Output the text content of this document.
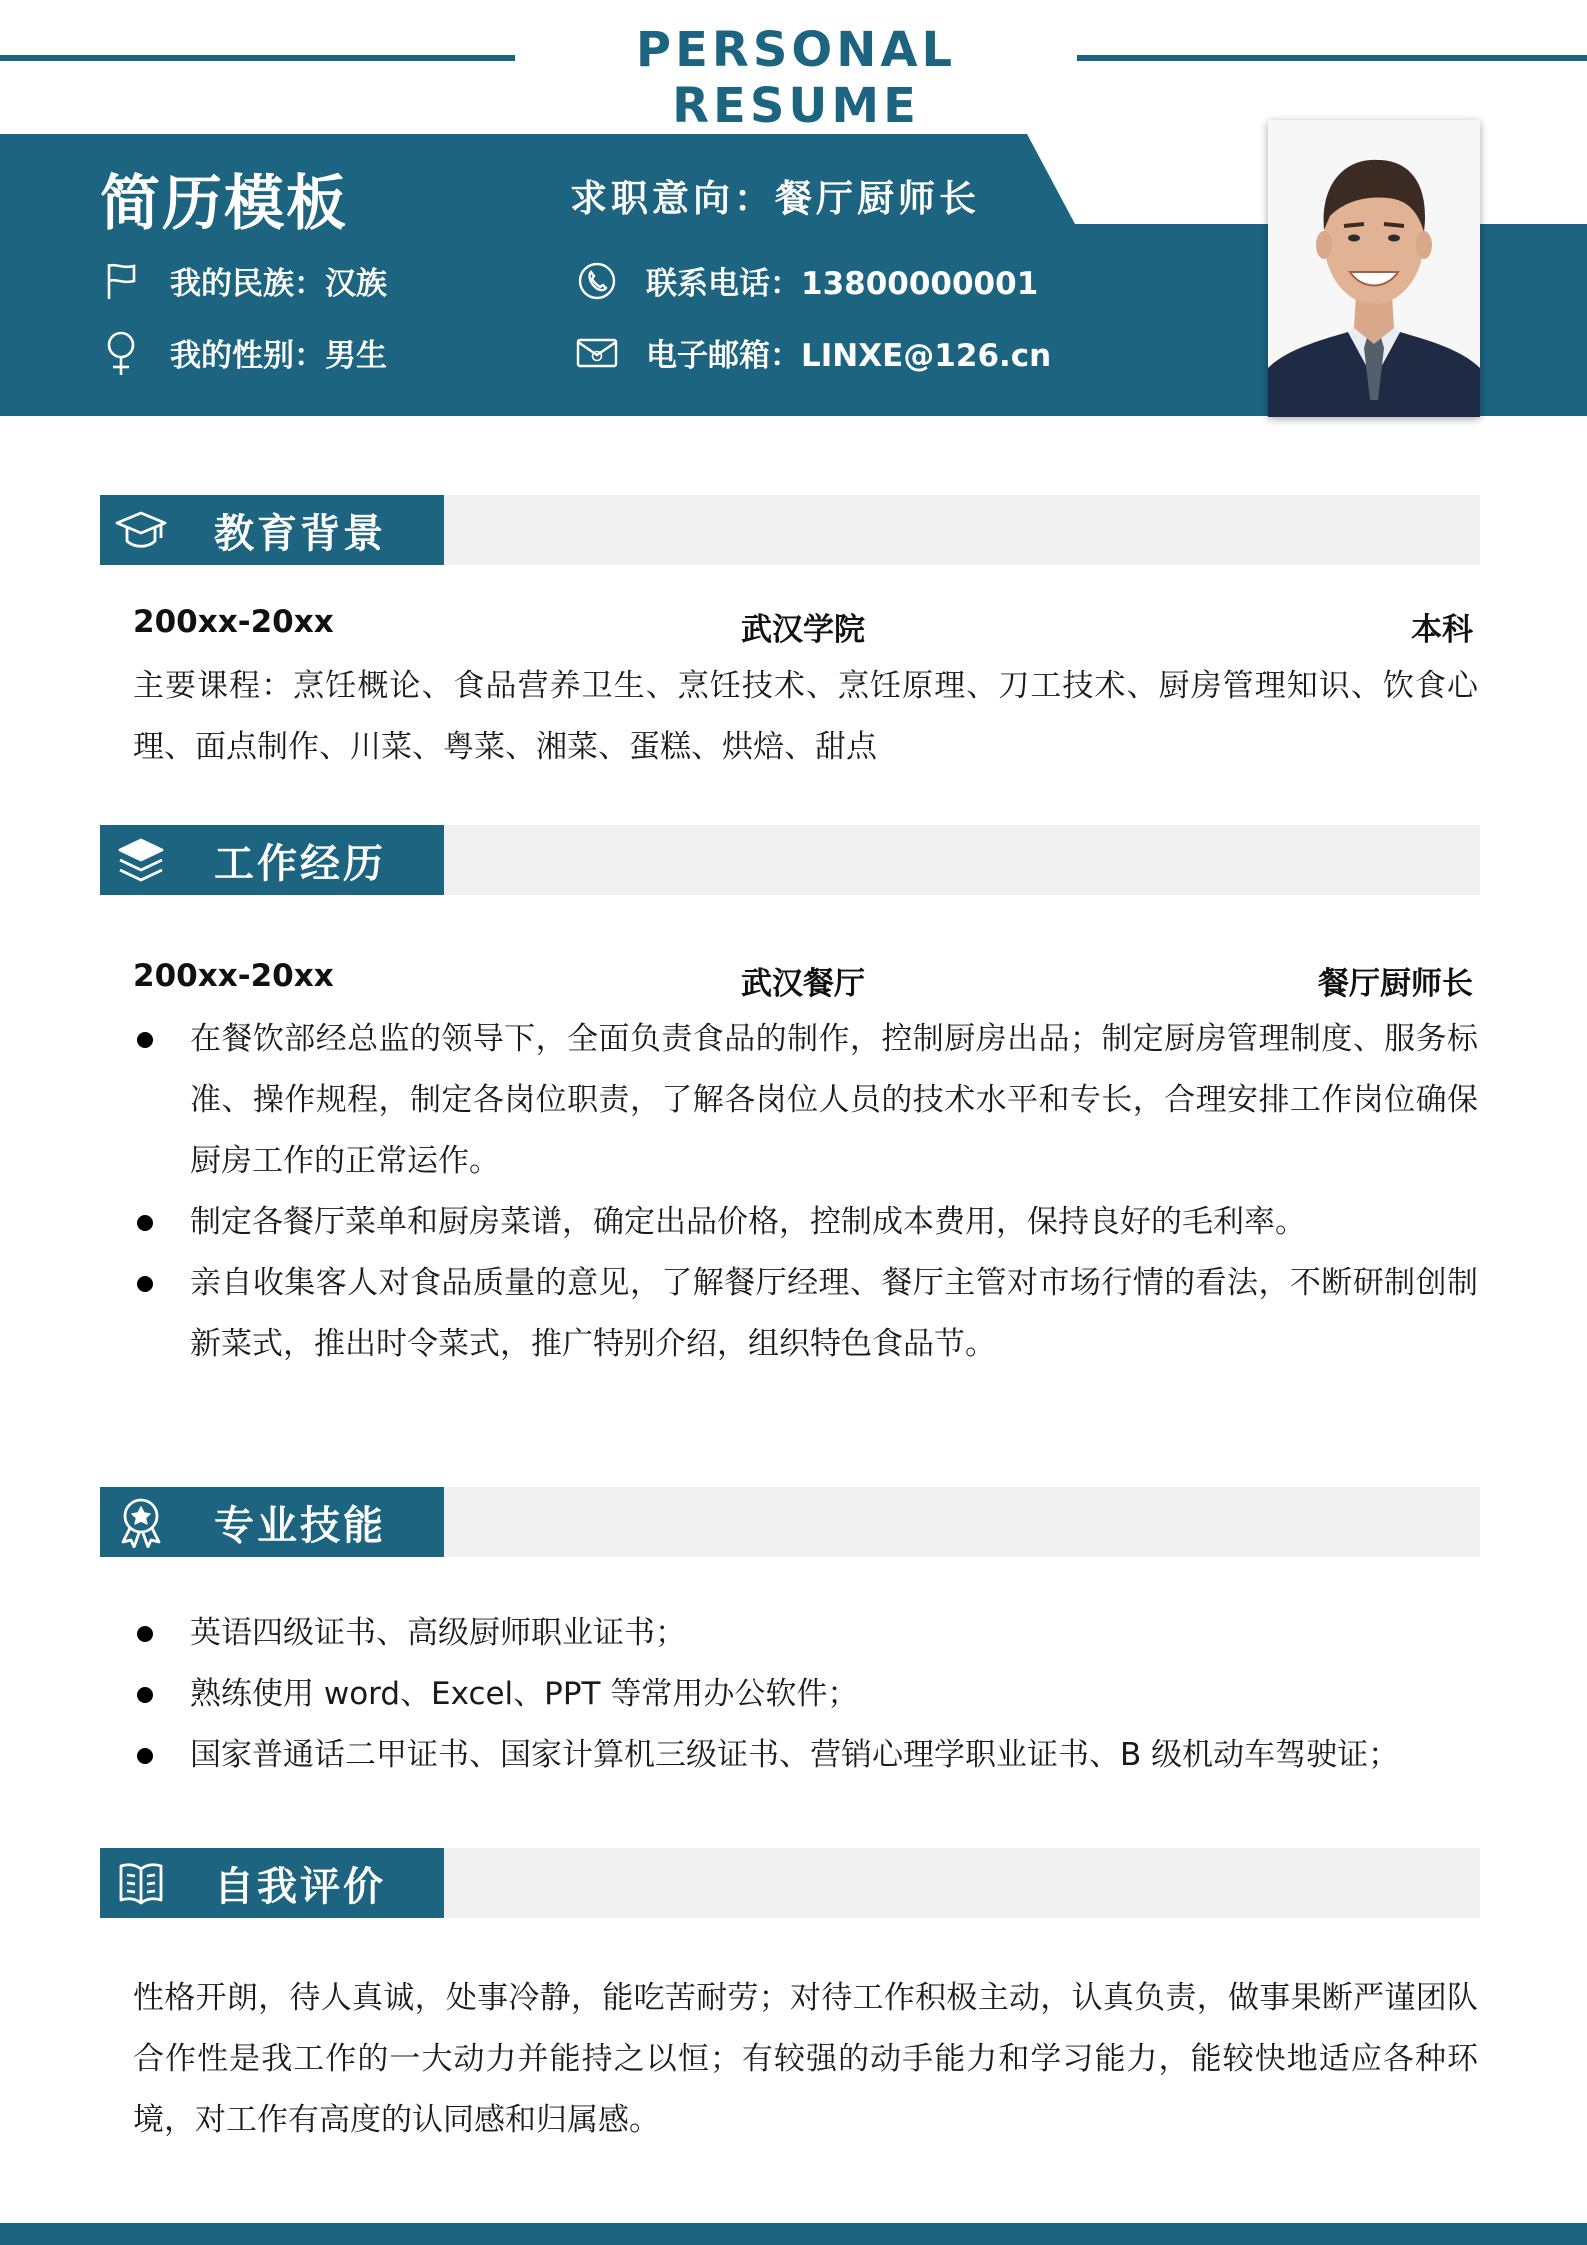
PERSONAL RESUME
简历模板	求职意向：餐厅厨师长
我的民族：汉族
我的性别：男生
联系电话：13800000001
电子邮箱：LINXE@126.cn
教育背景
200xx-20xx	武汉学院	本科
主要课程：烹饪概论、食品营养卫生、烹饪技术、烹饪原理、刀工技术、厨房管理知识、饮食心理、面点制作、川菜、粤菜、湘菜、蛋糕、烘焙、甜点
工作经历
200xx-20xx	武汉餐厅	餐厅厨师长
在餐饮部经总监的领导下，全面负责食品的制作，控制厨房出品；制定厨房管理制度、服务标准、操作规程，制定各岗位职责，了解各岗位人员的技术水平和专长，合理安排工作岗位确保厨房工作的正常运作。
制定各餐厅菜单和厨房菜谱，确定出品价格，控制成本费用，保持良好的毛利率。
亲自收集客人对食品质量的意见，了解餐厅经理、餐厅主管对市场行情的看法，不断研制创制新菜式，推出时令菜式，推广特别介绍，组织特色食品节。
专业技能
英语四级证书、高级厨师职业证书；
熟练使用 word、Excel、PPT 等常用办公软件；
国家普通话二甲证书、国家计算机三级证书、营销心理学职业证书、B 级机动车驾驶证；
自我评价
性格开朗，待人真诚，处事冷静，能吃苦耐劳；对待工作积极主动，认真负责，做事果断严谨团队合作性是我工作的一大动力并能持之以恒；有较强的动手能力和学习能力，能较快地适应各种环境，对工作有高度的认同感和归属感。
